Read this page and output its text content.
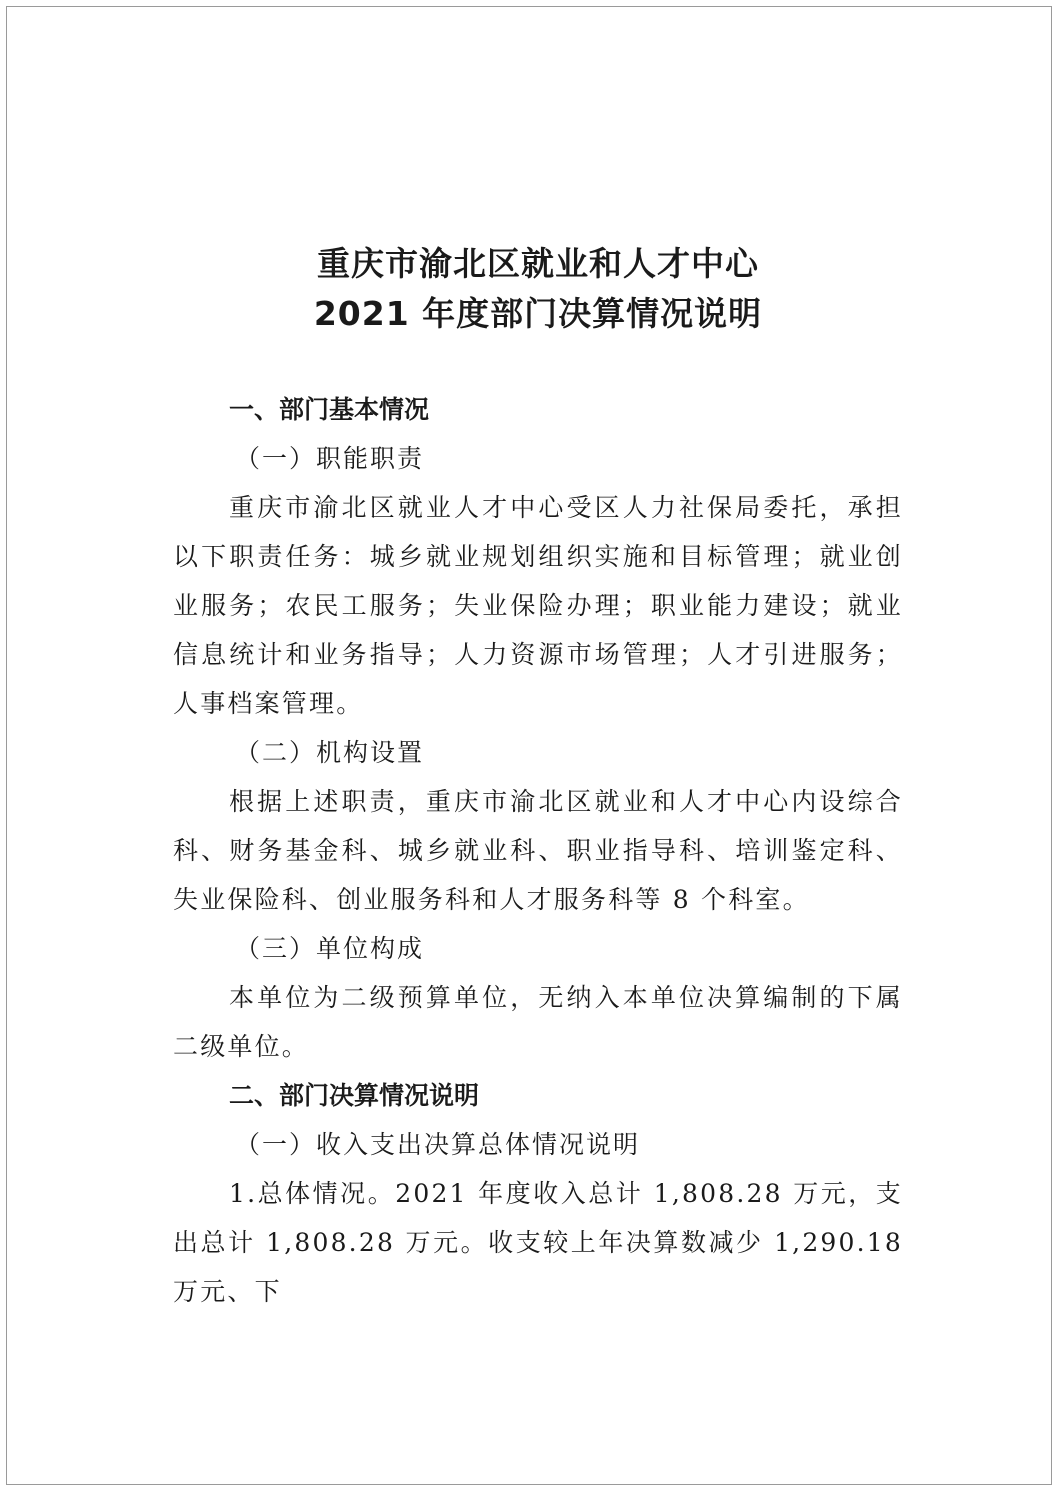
重庆市渝北区就业和人才中心

2021 年度部门决算情况说明

一、部门基本情况

（一）职能职责

重庆市渝北区就业人才中心受区人力社保局委托，承担以下职责任务：城乡就业规划组织实施和目标管理；就业创业服务；农民工服务；失业保险办理；职业能力建设；就业信息统计和业务指导；人力资源市场管理；人才引进服务；人事档案管理。

（二）机构设置

根据上述职责，重庆市渝北区就业和人才中心内设综合科、财务基金科、城乡就业科、职业指导科、培训鉴定科、失业保险科、创业服务科和人才服务科等 8 个科室。

（三）单位构成

本单位为二级预算单位，无纳入本单位决算编制的下属二级单位。

二、部门决算情况说明

（一）收入支出决算总体情况说明

1.总体情况。2021 年度收入总计 1,808.28 万元，支出总计 1,808.28 万元。收支较上年决算数减少 1,290.18 万元、下
